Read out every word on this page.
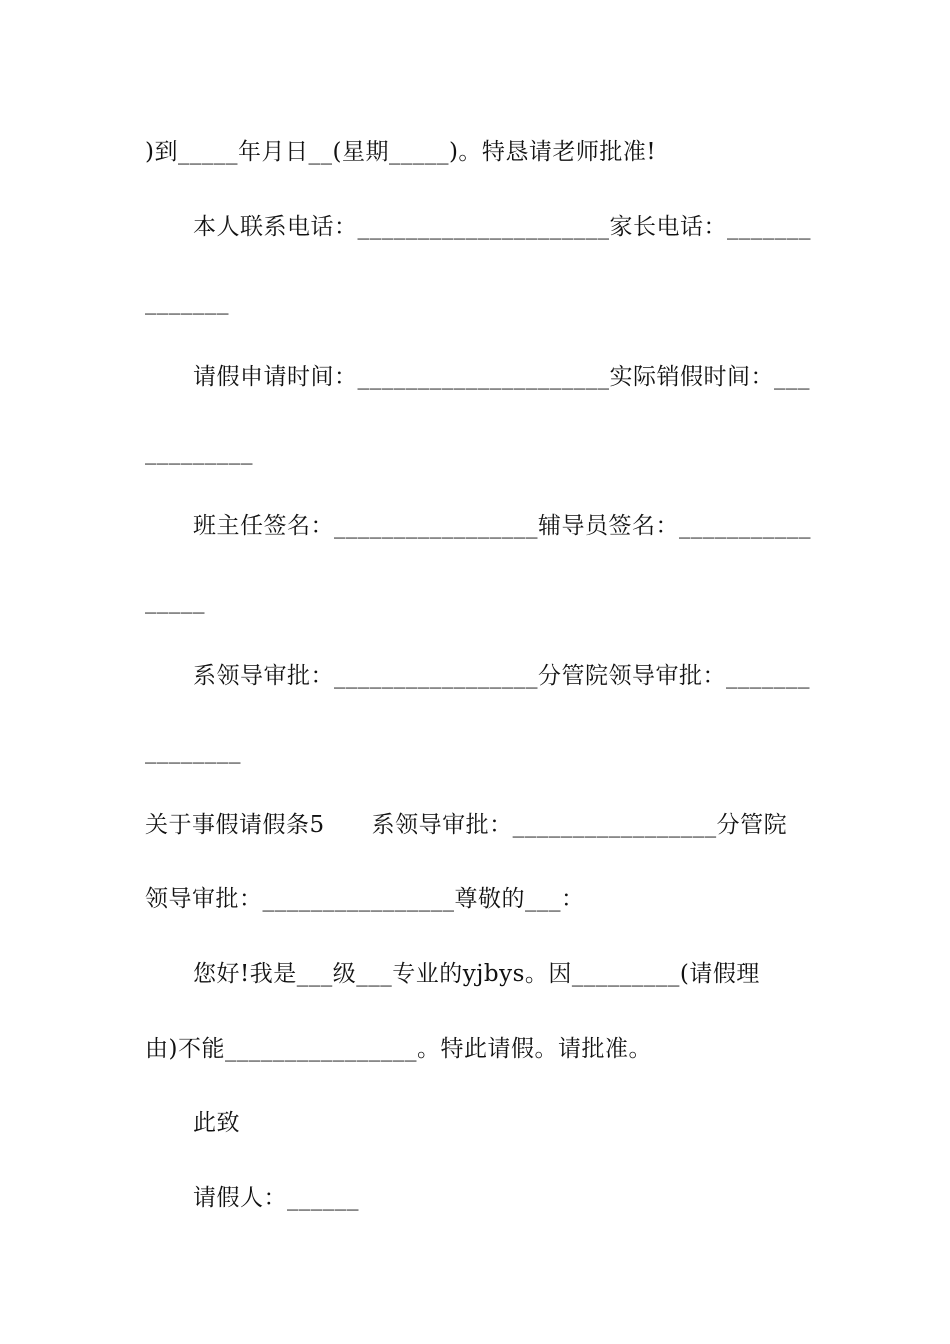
)到_____年月日__(星期_____)。特恳请老师批准!
本人联系电话：_____________________家长电话：_______
_______
请假申请时间：_____________________实际销假时间：___
_________
班主任签名：_________________辅导员签名：___________
_____
系领导审批：_________________分管院领导审批：_______
________
关于事假请假条5　　系领导审批：_________________分管院
领导审批：________________尊敬的___：
您好!我是___级___专业的yjbys。因_________(请假理
由)不能________________。特此请假。请批准。
此致
请假人：______
